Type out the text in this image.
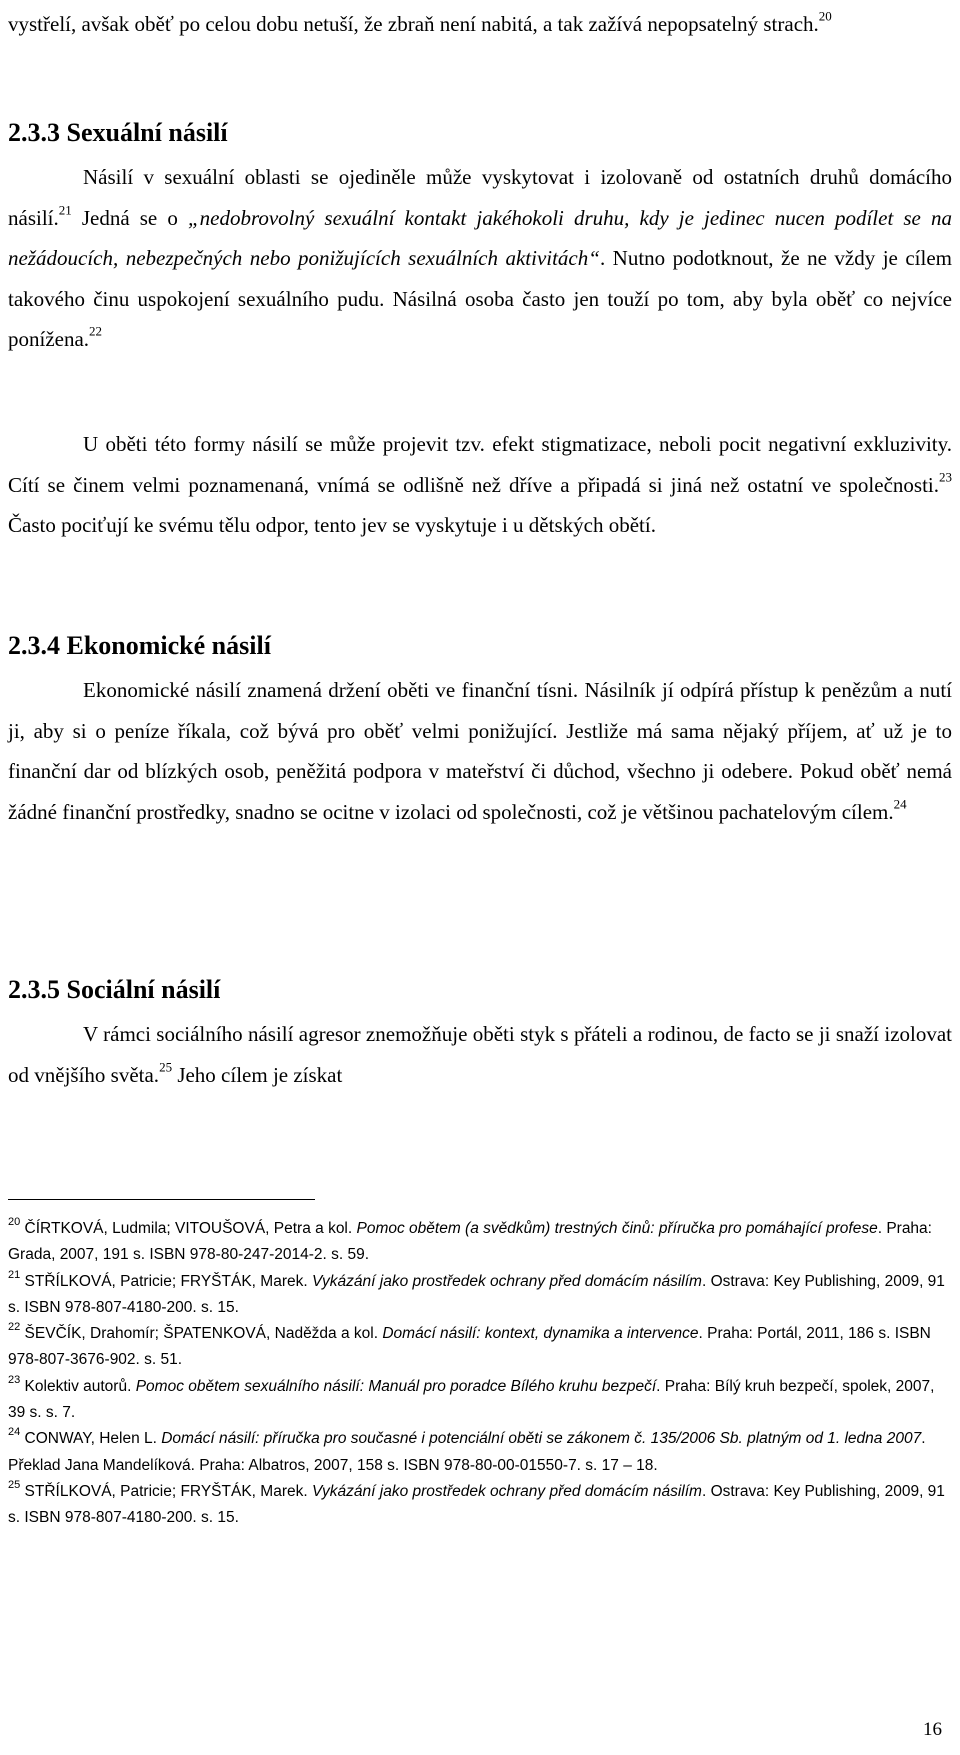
vystřelí, avšak oběť po celou dobu netuší, že zbraň není nabitá, a tak zažívá nepopsatelný strach.$^{20}$

2.3.3 Sexuální násilí

Násilí v sexuální oblasti se ojediněle může vyskytovat i izolovaně od ostatních druhů domácího násilí.$^{21}$ Jedná se o „nedobrovolný sexuální kontakt jakéhokoli druhu, kdy je jedinec nucen podílet se na nežádoucích, nebezpečných nebo ponižujících sexuálních aktivitách“. Nutno podotknout, že ne vždy je cílem takového činu uspokojení sexuálního pudu. Násilná osoba často jen touží po tom, aby byla oběť co nejvíce ponížena.$^{22}$

U oběti této formy násilí se může projevit tzv. efekt stigmatizace, neboli pocit negativní exkluzivity. Cítí se činem velmi poznamenaná, vnímá se odlišně než dříve a připadá si jiná než ostatní ve společnosti.$^{23}$ Často pociťují ke svému tělu odpor, tento jev se vyskytuje i u dětských obětí.

2.3.4 Ekonomické násilí

Ekonomické násilí znamená držení oběti ve finanční tísni. Násilník jí odpírá přístup k penězům a nutí ji, aby si o peníze říkala, což bývá pro oběť velmi ponižující. Jestliže má sama nějaký příjem, ať už je to finanční dar od blízkých osob, peněžitá podpora v mateřství či důchod, všechno ji odebere. Pokud oběť nemá žádné finanční prostředky, snadno se ocitne v izolaci od společnosti, což je většinou pachatelovým cílem.$^{24}$

2.3.5 Sociální násilí

V rámci sociálního násilí agresor znemožňuje oběti styk s přáteli a rodinou, de facto se ji snaží izolovat od vnějšího světa.$^{25}$ Jeho cílem je získat

$^{20}$ ČÍRTKOVÁ, Ludmila; VITOUŠOVÁ, Petra a kol. Pomoc obětem (a svědkům) trestných činů: příručka pro pomáhající profese. Praha: Grada, 2007, 191 s. ISBN 978-80-247-2014-2. s. 59.
$^{21}$ STŘÍLKOVÁ, Patricie; FRYŠTÁK, Marek. Vykázání jako prostředek ochrany před domácím násilím. Ostrava: Key Publishing, 2009, 91 s. ISBN 978-807-4180-200. s. 15.
$^{22}$ ŠEVČÍK, Drahomír; ŠPATENKOVÁ, Naděžda a kol. Domácí násilí: kontext, dynamika a intervence. Praha: Portál, 2011, 186 s. ISBN 978-807-3676-902. s. 51.
$^{23}$ Kolektiv autorů. Pomoc obětem sexuálního násilí: Manuál pro poradce Bílého kruhu bezpečí. Praha: Bílý kruh bezpečí, spolek, 2007, 39 s. s. 7.
$^{24}$ CONWAY, Helen L. Domácí násilí: příručka pro současné i potenciální oběti se zákonem č. 135/2006 Sb. platným od 1. ledna 2007. Překlad Jana Mandelíková. Praha: Albatros, 2007, 158 s. ISBN 978-80-00-01550-7. s. 17 – 18.
$^{25}$ STŘÍLKOVÁ, Patricie; FRYŠTÁK, Marek. Vykázání jako prostředek ochrany před domácím násilím. Ostrava: Key Publishing, 2009, 91 s. ISBN 978-807-4180-200. s. 15.
16
